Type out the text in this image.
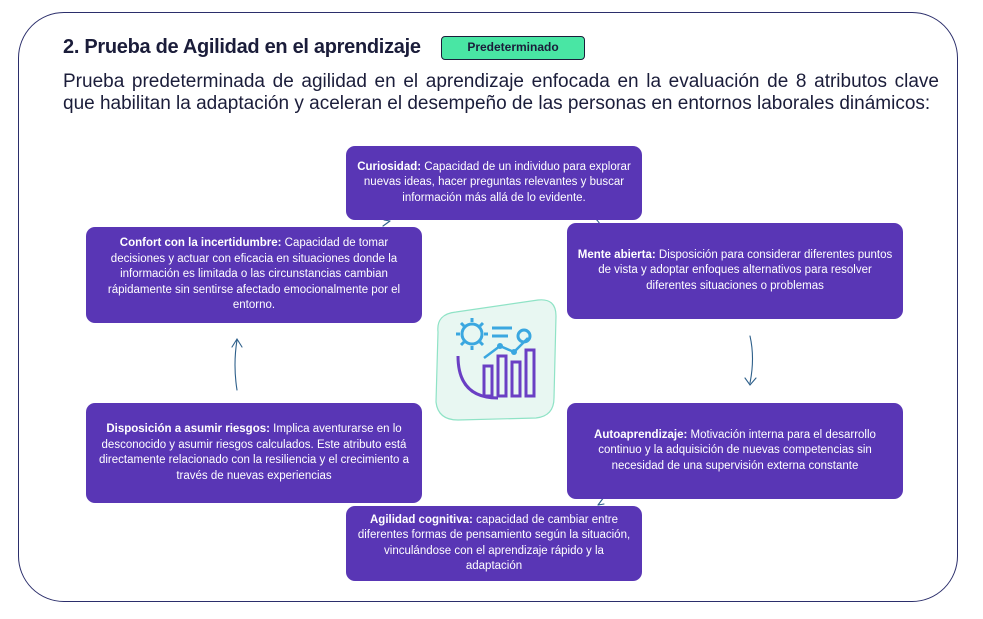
2. Prueba de Agilidad en el aprendizaje	Predeterminado
Prueba predeterminada de agilidad en el aprendizaje enfocada en la evaluación de 8 atributos clave que habilitan la adaptación y aceleran el desempeño de las personas en entornos laborales dinámicos:
Curiosidad: Capacidad de un individuo para explorar nuevas ideas, hacer preguntas relevantes y buscar información más allá de lo evidente.
Mente abierta: Disposición para considerar diferentes puntos de vista y adoptar enfoques alternativos para resolver diferentes situaciones o problemas
Autoaprendizaje: Motivación interna para el desarrollo continuo y la adquisición de nuevas competencias sin necesidad de una supervisión externa constante
Agilidad cognitiva: capacidad de cambiar entre diferentes formas de pensamiento según la situación, vinculándose con el aprendizaje rápido y la adaptación
Disposición a asumir riesgos: Implica aventurarse en lo desconocido y asumir riesgos calculados. Este atributo está directamente relacionado con la resiliencia y el crecimiento a través de nuevas experiencias
Confort con la incertidumbre: Capacidad de tomar decisiones y actuar con eficacia en situaciones donde la información es limitada o las circunstancias cambian rápidamente sin sentirse afectado emocionalmente por el entorno.
